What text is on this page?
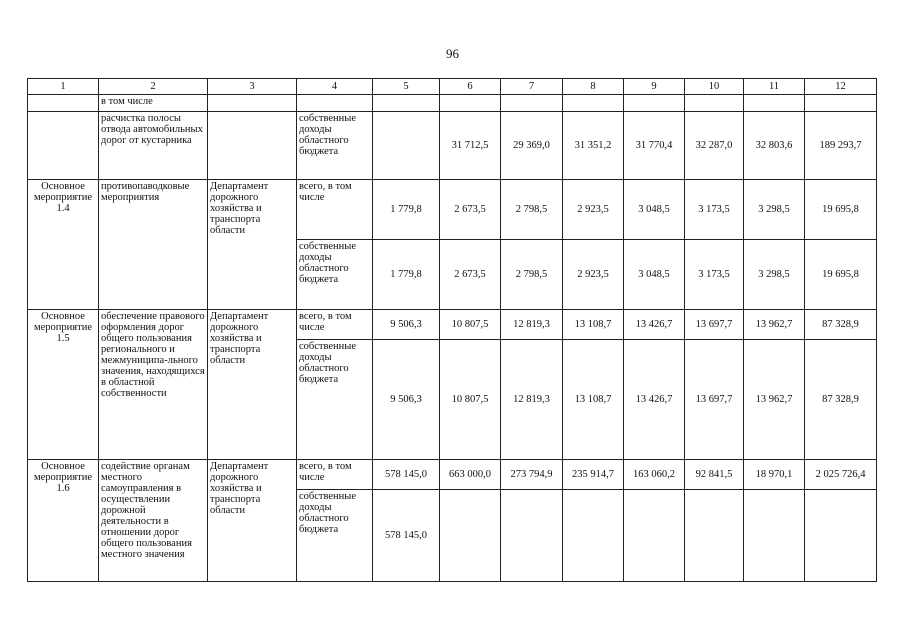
96
1	2	3	4	5	6	7	8	9	10	11	12
	в том числе										
	расчистка полосы отвода автомобильных дорог от кустарника		собственные доходы областного бюджета		31 712,5	29 369,0	31 351,2	31 770,4	32 287,0	32 803,6	189 293,7
Основное мероприятие 1.4	противопаводковые мероприятия	Департамент дорожного хозяйства и транспорта области	всего, в том числе	1 779,8	2 673,5	2 798,5	2 923,5	3 048,5	3 173,5	3 298,5	19 695,8
			собственные доходы областного бюджета	1 779,8	2 673,5	2 798,5	2 923,5	3 048,5	3 173,5	3 298,5	19 695,8
Основное мероприятие 1.5	обеспечение правового оформления дорог общего пользования регионального и межмуниципа-льного значения, находящихся в областной собственности	Департамент дорожного хозяйства и транспорта области	всего, в том числе	9 506,3	10 807,5	12 819,3	13 108,7	13 426,7	13 697,7	13 962,7	87 328,9
			собственные доходы областного бюджета	9 506,3	10 807,5	12 819,3	13 108,7	13 426,7	13 697,7	13 962,7	87 328,9
Основное мероприятие 1.6	содействие органам местного самоуправления в осуществлении дорожной деятельности в отношении дорог общего пользования местного значения	Департамент дорожного хозяйства и транспорта области	всего, в том числе	578 145,0	663 000,0	273 794,9	235 914,7	163 060,2	92 841,5	18 970,1	2 025 726,4
			собственные доходы областного бюджета	578 145,0							
